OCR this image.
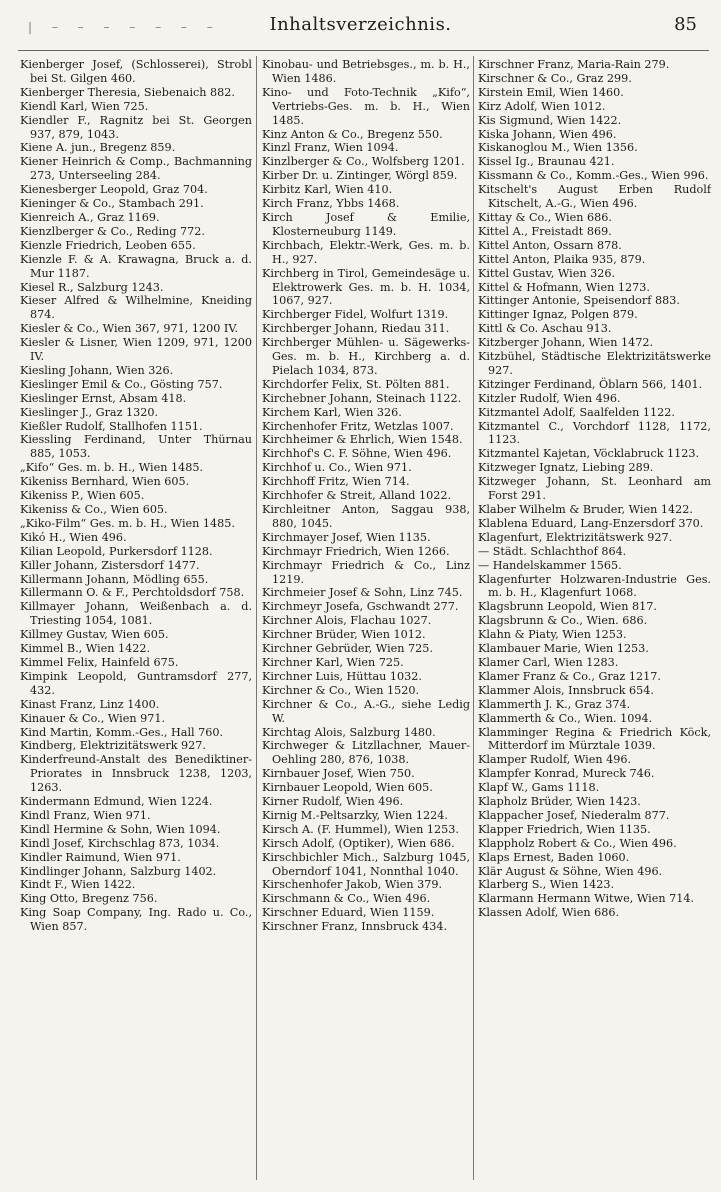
| – – – – – – –	Inhaltsverzeichnis.	85

Kienberger Josef, (Schlosserei), Strobl bei St. Gilgen 460.

Kienberger Theresia, Siebenaich 882.

Kiendl Karl, Wien 725.

Kiendler F., Ragnitz bei St. Georgen 937, 879, 1043.

Kiene A. jun., Bregenz 859.

Kiener Heinrich & Comp., Bachmanning 273, Unterseeling 284.

Kienesberger Leopold, Graz 704.

Kieninger & Co., Stambach 291.

Kienreich A., Graz 1169.

Kienzlberger & Co., Reding 772.

Kienzle Friedrich, Leoben 655.

Kienzle F. & A. Krawagna, Bruck a. d. Mur 1187.

Kiesel R., Salzburg 1243.

Kieser Alfred & Wilhelmine, Kneiding 874.

Kiesler & Co., Wien 367, 971, 1200 IV.

Kiesler & Lisner, Wien 1209, 971, 1200 IV.

Kiesling Johann, Wien 326.

Kieslinger Emil & Co., Gösting 757.

Kieslinger Ernst, Absam 418.

Kieslinger J., Graz 1320.

Kießler Rudolf, Stallhofen 1151.

Kiessling Ferdinand, Unter Thürnau 885, 1053.

„Kifo“ Ges. m. b. H., Wien 1485.

Kikeniss Bernhard, Wien 605.

Kikeniss P., Wien 605.

Kikeniss & Co., Wien 605.

„Kiko-Film“ Ges. m. b. H., Wien 1485.

Kikó H., Wien 496.

Kilian Leopold, Purkersdorf 1128.

Killer Johann, Zistersdorf 1477.

Killermann Johann, Mödling 655.

Killermann O. & F., Perchtoldsdorf 758.

Killmayer Johann, Weißenbach a. d. Triesting 1054, 1081.

Killmey Gustav, Wien 605.

Kimmel B., Wien 1422.

Kimmel Felix, Hainfeld 675.

Kimpink Leopold, Guntramsdorf 277, 432.

Kinast Franz, Linz 1400.

Kinauer & Co., Wien 971.

Kind Martin, Komm.-Ges., Hall 760.

Kindberg, Elektrizitätswerk 927.

Kinderfreund-Anstalt des Benediktiner-Priorates in Innsbruck 1238, 1203, 1263.

Kindermann Edmund, Wien 1224.

Kindl Franz, Wien 971.

Kindl Hermine & Sohn, Wien 1094.

Kindl Josef, Kirchschlag 873, 1034.

Kindler Raimund, Wien 971.

Kindlinger Johann, Salzburg 1402.

Kindt F., Wien 1422.

King Otto, Bregenz 756.

King Soap Company, Ing. Rado u. Co., Wien 857.

Kinobau- und Betriebsges., m. b. H., Wien 1486.

Kino- und Foto-Technik „Kifo“, Vertriebs-Ges. m. b. H., Wien 1485.

Kinz Anton & Co., Bregenz 550.

Kinzl Franz, Wien 1094.

Kinzlberger & Co., Wolfsberg 1201.

Kirber Dr. u. Zintinger, Wörgl 859.

Kirbitz Karl, Wien 410.

Kirch Franz, Ybbs 1468.

Kirch Josef & Emilie, Klosterneuburg 1149.

Kirchbach, Elektr.-Werk, Ges. m. b. H., 927.

Kirchberg in Tirol, Gemeindesäge u. Elektrowerk Ges. m. b. H. 1034, 1067, 927.

Kirchberger Fidel, Wolfurt 1319.

Kirchberger Johann, Riedau 311.

Kirchberger Mühlen- u. Sägewerks-Ges. m. b. H., Kirchberg a. d. Pielach 1034, 873.

Kirchdorfer Felix, St. Pölten 881.

Kirchebner Johann, Steinach 1122.

Kirchem Karl, Wien 326.

Kirchenhofer Fritz, Wetzlas 1007.

Kirchheimer & Ehrlich, Wien 1548.

Kirchhof's C. F. Söhne, Wien 496.

Kirchhof u. Co., Wien 971.

Kirchhoff Fritz, Wien 714.

Kirchhofer & Streit, Alland 1022.

Kirchleitner Anton, Saggau 938, 880, 1045.

Kirchmayer Josef, Wien 1135.

Kirchmayr Friedrich, Wien 1266.

Kirchmayr Friedrich & Co., Linz 1219.

Kirchmeier Josef & Sohn, Linz 745.

Kirchmeyr Josefa, Gschwandt 277.

Kirchner Alois, Flachau 1027.

Kirchner Brüder, Wien 1012.

Kirchner Gebrüder, Wien 725.

Kirchner Karl, Wien 725.

Kirchner Luis, Hüttau 1032.

Kirchner & Co., Wien 1520.

Kirchner & Co., A.-G., siehe Ledig W.

Kirchtag Alois, Salzburg 1480.

Kirchweger & Litzllachner, Mauer-Oehling 280, 876, 1038.

Kirnbauer Josef, Wien 750.

Kirnbauer Leopold, Wien 605.

Kirner Rudolf, Wien 496.

Kirnig M.-Peltsarzky, Wien 1224.

Kirsch A. (F. Hummel), Wien 1253.

Kirsch Adolf, (Optiker), Wien 686.

Kirschbichler Mich., Salzburg 1045, Oberndorf 1041, Nonnthal 1040.

Kirschenhofer Jakob, Wien 379.

Kirschmann & Co., Wien 496.

Kirschner Eduard, Wien 1159.

Kirschner Franz, Innsbruck 434.

Kirschner Franz, Maria-Rain 279.

Kirschner & Co., Graz 299.

Kirstein Emil, Wien 1460.

Kirz Adolf, Wien 1012.

Kis Sigmund, Wien 1422.

Kiska Johann, Wien 496.

Kiskanoglou M., Wien 1356.

Kissel Ig., Braunau 421.

Kissmann & Co., Komm.-Ges., Wien 996.

Kitschelt's August Erben Rudolf Kitschelt, A.-G., Wien 496.

Kittay & Co., Wien 686.

Kittel A., Freistadt 869.

Kittel Anton, Ossarn 878.

Kittel Anton, Plaika 935, 879.

Kittel Gustav, Wien 326.

Kittel & Hofmann, Wien 1273.

Kittinger Antonie, Speisendorf 883.

Kittinger Ignaz, Polgen 879.

Kittl & Co. Aschau 913.

Kitzberger Johann, Wien 1472.

Kitzbühel, Städtische Elektrizitätswerke 927.

Kitzinger Ferdinand, Öblarn 566, 1401.

Kitzler Rudolf, Wien 496.

Kitzmantel Adolf, Saalfelden 1122.

Kitzmantel C., Vorchdorf 1128, 1172, 1123.

Kitzmantel Kajetan, Vöcklabruck 1123.

Kitzweger Ignatz, Liebing 289.

Kitzweger Johann, St. Leonhard am Forst 291.

Klaber Wilhelm & Bruder, Wien 1422.

Klablena Eduard, Lang-Enzersdorf 370.

Klagenfurt, Elektrizitätswerk 927.

— Städt. Schlachthof 864.

— Handelskammer 1565.

Klagenfurter Holzwaren-Industrie Ges. m. b. H., Klagenfurt 1068.

Klagsbrunn Leopold, Wien 817.

Klagsbrunn & Co., Wien. 686.

Klahn & Piaty, Wien 1253.

Klambauer Marie, Wien 1253.

Klamer Carl, Wien 1283.

Klamer Franz & Co., Graz 1217.

Klammer Alois, Innsbruck 654.

Klammerth J. K., Graz 374.

Klammerth & Co., Wien. 1094.

Klamminger Regina & Friedrich Köck, Mitterdorf im Mürztale 1039.

Klamper Rudolf, Wien 496.

Klampfer Konrad, Mureck 746.

Klapf W., Gams 1118.

Klapholz Brüder, Wien 1423.

Klappacher Josef, Niederalm 877.

Klapper Friedrich, Wien 1135.

Klappholz Robert & Co., Wien 496.

Klaps Ernest, Baden 1060.

Klär August & Söhne, Wien 496.

Klarberg S., Wien 1423.

Klarmann Hermann Witwe, Wien 714.

Klassen Adolf, Wien 686.
